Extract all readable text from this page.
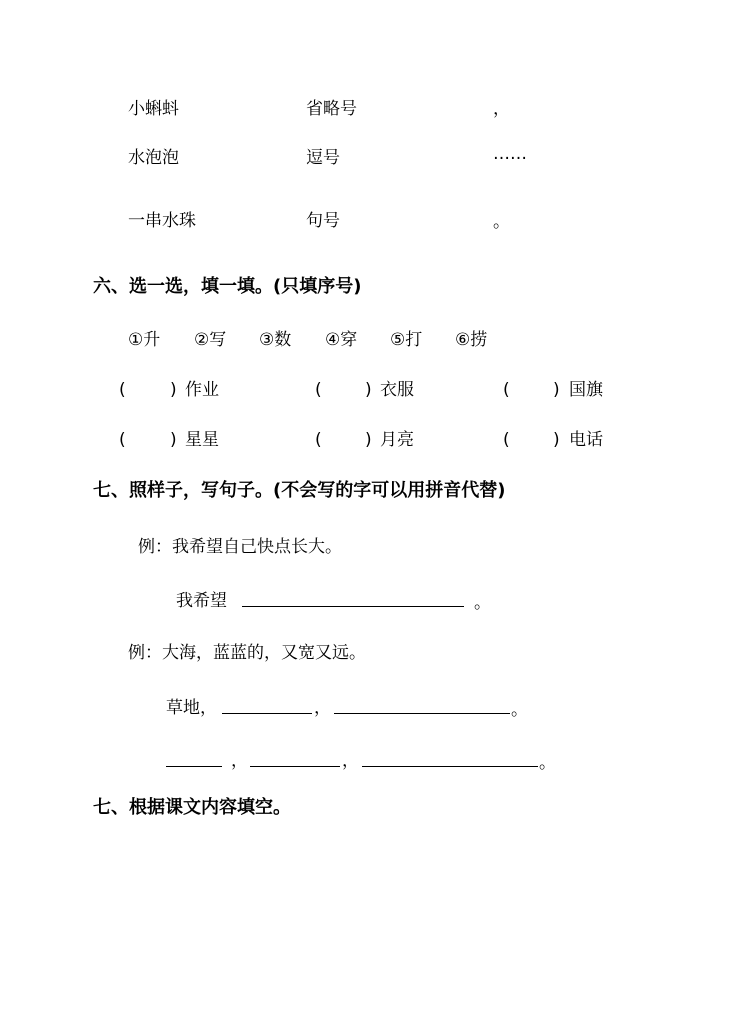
小蝌蚪	省略号	，
水泡泡	逗号	……
一串水珠	句号	。
六、选一选，填一填。(只填序号)
①升 ②写 ③数 ④穿 ⑤打 ⑥捞
(	) 作业	(	) 衣服	(	) 国旗
(	) 星星	(	) 月亮	(	) 电话
七、照样子，写句子。(不会写的字可以用拼音代替)
例：我希望自己快点长大。
我希望	。
例：大海，蓝蓝的，又宽又远。
草地，	，	。
，	，	。
七、根据课文内容填空。
